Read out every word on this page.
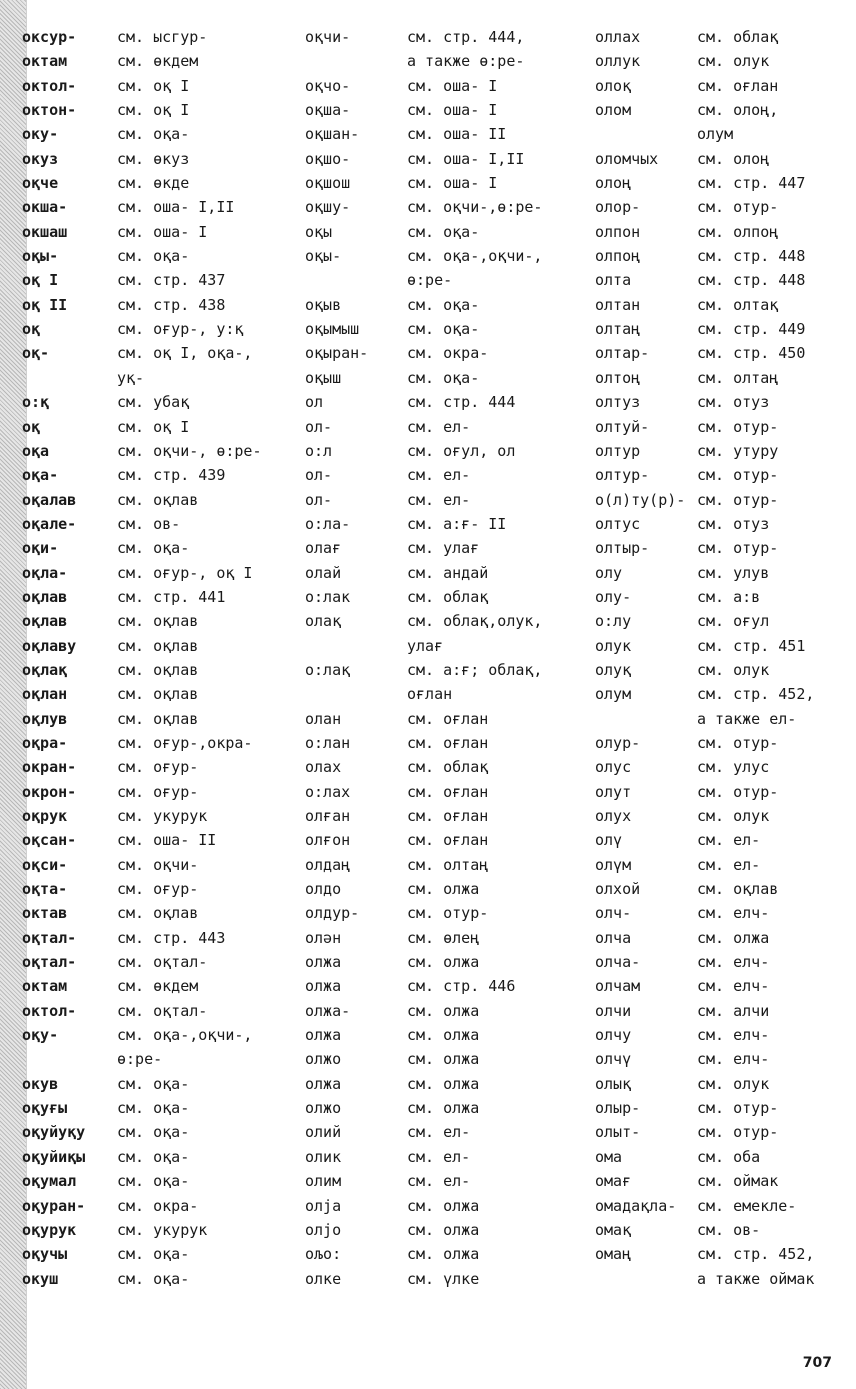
оксур-	см. ысгур-
октам	см. өкдем
октол-	см. оқ I
октон-	см. оқ I
оку-	см. оқа-
окуз	см. өкуз
оқче	см. өкде
окша-	см. оша- I,II
окшаш	см. оша- I
оқы-	см. оқа-
оқ I	см. стр. 437
оқ II	см. стр. 438
оқ	см. оғур-, у:қ
оқ-	см. оқ I, оқа-,
уқ-
о:қ	см. убақ
оқ	см. оқ I
оқа	см. оқчи-, ө:ре-
оқа-	см. стр. 439
оқалав	см. оқлав
оқале-	см. ов-
оқи-	см. оқа-
оқла-	см. оғур-, оқ I
оқлав	см. стр. 441
оқлав	см. оқлав
оқлаву	см. оқлав
оқлақ	см. оқлав
оқлан	см. оқлав
оқлув	см. оқлав
оқра-	см. оғур-,окра-
окран-	см. оғур-
окрон-	см. оғур-
оқрук	см. укурук
оқсан-	см. оша- II
оқси-	см. оқчи-
оқта-	см. оғур-
октав	см. оқлав
оқтал-	см. стр. 443
оқтал-	см. оқтал-
октам	см. өкдем
октол-	см. оқтал-
оқу-	см. оқа-,оқчи-,
ө:ре-
окув	см. оқа-
оқуғы	см. оқа-
оқуйуқу	см. оқа-
оқуйиқы	см. оқа-
оқумал	см. оқа-
оқуран-	см. окра-
оқурук	см. укурук
оқучы	см. оқа-
окуш	см. оқа-
оқчи-	см. стр. 444,
а также ө:ре-
оқчо-	см. оша- I
оқша-	см. оша- I
оқшан-	см. оша- II
оқшо-	см. оша- I,II
оқшош	см. оша- I
оқшу-	см. оқчи-,ө:ре-
оқы	см. оқа-
оқы-	см. оқа-,оқчи-,
ө:ре-
оқыв	см. оқа-
оқымыш	см. оқа-
оқыран-	см. окра-
оқыш	см. оқа-
ол	см. стр. 444
ол-	см. ел-
о:л	см. оғул, ол
ол-	см. ел-
ол-	см. ел-
о:ла-	см. а:ғ- II
олағ	см. улағ
олай	см. андай
о:лак	см. облақ
олақ	см. облақ,олук,
улағ
о:лақ	см. а:ғ; облақ,
оғлан
олан	см. оғлан
о:лан	см. оғлан
олах	см. облақ
о:лах	см. оғлан
олған	см. оғлан
олғон	см. оғлан
олдаң	см. олтаң
олдо	см. олжа
олдур-	см. отур-
олән	см. өлең
олжа	см. олжа
олжа	см. стр. 446
олжа-	см. олжа
олжа	см. олжа
олжо	см. олжа
олжа	см. олжа
олжо	см. олжа
олий	см. ел-
олик	см. ел-
олим	см. ел-
олја	см. олжа
олјо	см. олжа
ољо:	см. олжа
олке	см. үлке
оллах	см. облақ
оллук	см. олук
олоқ	см. оғлан
олом	см. олоң,
олум
оломчых	см. олоң
олоң	см. стр. 447
олор-	см. отур-
олпон	см. олпоң
олпоң	см. стр. 448
олта	см. стр. 448
олтан	см. олтақ
олтаң	см. стр. 449
олтар-	см. стр. 450
олтоң	см. олтаң
олтуз	см. отуз
олтуй-	см. отур-
олтур	см. утуру
олтур-	см. отур-
о(л)ту(р)- см. отур-
олтус	см. отуз
олтыр-	см. отур-
олу	см. улув
олу-	см. а:в
о:лу	см. оғул
олук	см. стр. 451
олуқ	см. олук
олум	см. стр. 452,
а также ел-
олур-	см. отур-
олус	см. улус
олут	см. отур-
олух	см. олук
олү	см. ел-
олүм	см. ел-
олхой	см. оқлав
олч-	см. елч-
олча	см. олжа
олча-	см. елч-
олчам	см. елч-
олчи	см. алчи
олчу	см. елч-
олчү	см. елч-
олық	см. олук
олыр-	см. отур-
олыт-	см. отур-
ома	см. оба
омағ	см. оймак
омадақла-	см. емекле-
омақ	см. ов-
омаң	см. стр. 452,
а также оймак
707
